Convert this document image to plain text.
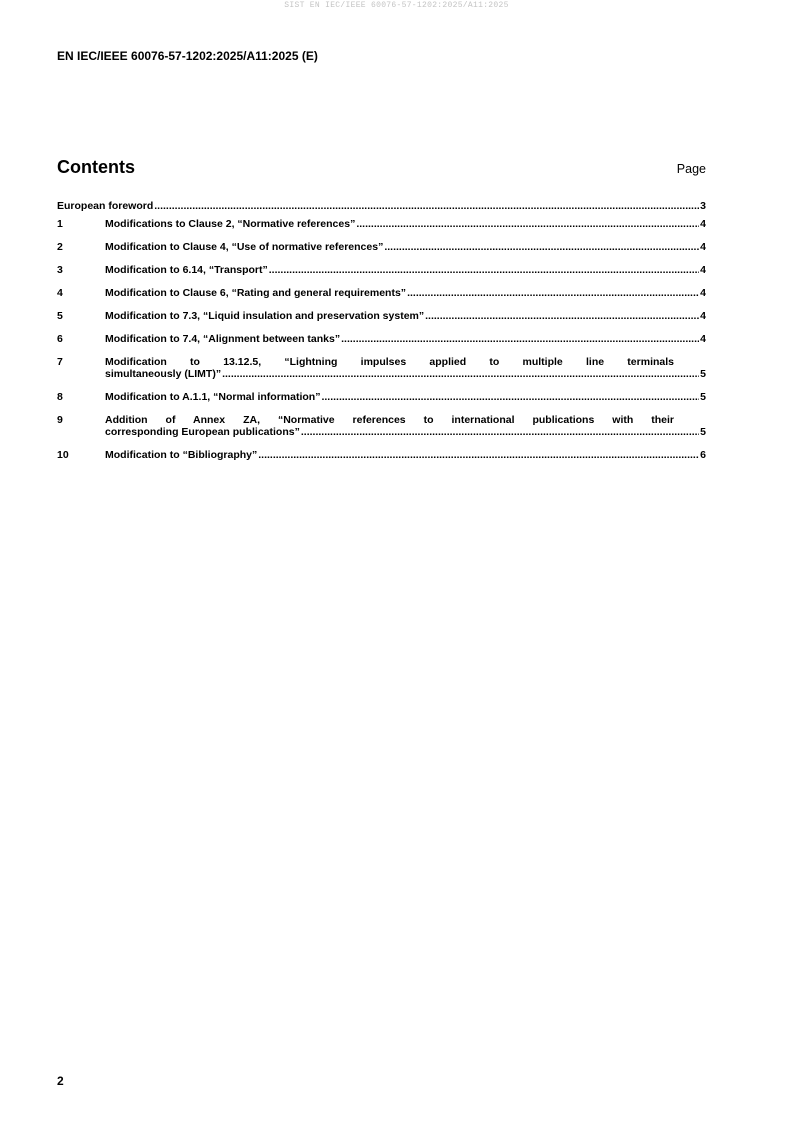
SIST EN IEC/IEEE 60076-57-1202:2025/A11:2025
EN IEC/IEEE 60076-57-1202:2025/A11:2025 (E)
Contents	Page
European foreword .....	3
1	Modifications to Clause 2, “Normative references” .....	4
2	Modification to Clause 4, “Use of normative references” .....	4
3	Modification to 6.14, “Transport” .....	4
4	Modification to Clause 6, “Rating and general requirements” .....	4
5	Modification to 7.3, “Liquid insulation and preservation system” .....	4
6	Modification to 7.4, “Alignment between tanks” .....	4
7	Modification to 13.12.5, “Lightning impulses applied to multiple line terminals
simultaneously (LIMT)” .....	5
8	Modification to A.1.1, “Normal information” .....	5
9	Addition of Annex ZA, “Normative references to international publications with their
corresponding European publications” .....	5
10	Modification to “Bibliography” .....	6
2
